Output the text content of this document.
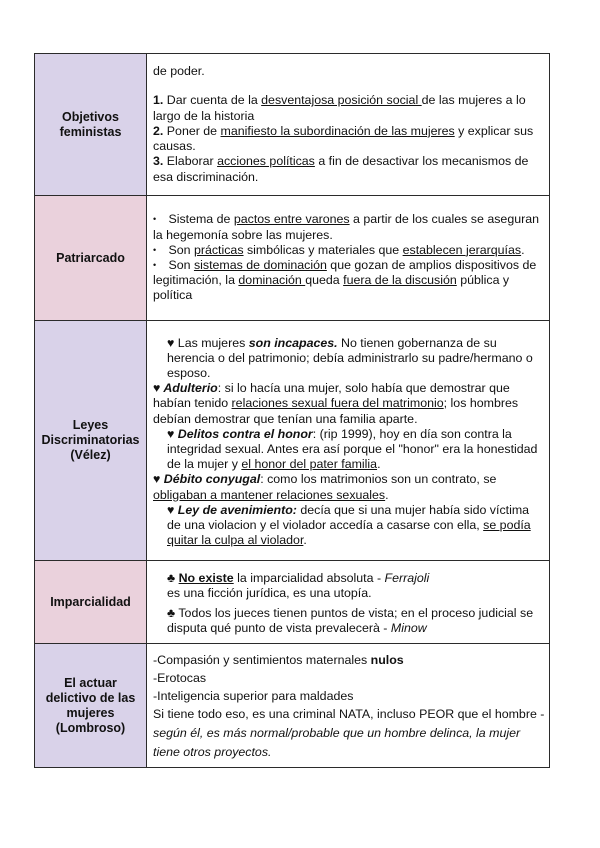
Objetivos feministas	de poder.

1. Dar cuenta de la desventajosa posición social de las mujeres a lo largo de la historia

2. Poner de manifiesto la subordinación de las mujeres y explicar sus causas.

3. Elaborar acciones políticas a fin de desactivar los mecanismos de esa discriminación.

Patriarcado	• Sistema de pactos entre varones a partir de los cuales se aseguran la hegemonía sobre las mujeres.

• Son prácticas simbólicas y materiales que establecen jerarquías.

• Son sistemas de dominación que gozan de amplios dispositivos de legitimación, la dominación queda fuera de la discusión pública y política

Leyes Discriminatorias (Vélez)	♥ Las mujeres son incapaces. No tienen gobernanza de su herencia o del patrimonio; debía administrarlo su padre/hermano o esposo.

♥ Adulterio: si lo hacía una mujer, solo había que demostrar que habían tenido relaciones sexual fuera del matrimonio; los hombres debían demostrar que tenían una familia aparte.

♥ Delitos contra el honor: (rip 1999), hoy en día son contra la integridad sexual. Antes era así porque el "honor" era la honestidad de la mujer y el honor del pater familia.

♥ Débito conyugal: como los matrimonios son un contrato, se obligaban a mantener relaciones sexuales.

♥ Ley de avenimiento: decía que si una mujer había sido víctima de una violacion y el violador accedía a casarse con ella, se podía quitar la culpa al violador.

Imparcialidad	♣ No existe la imparcialidad absoluta - Ferrajoli

es una ficción jurídica, es una utopía.

♣ Todos los jueces tienen puntos de vista; en el proceso judicial se disputa qué punto de vista prevalecerà - Minow

El actuar delictivo de las mujeres (Lombroso)	-Compasión y sentimientos maternales nulos

-Erotocas

-Inteligencia superior para maldades

Si tiene todo eso, es una criminal NATA, incluso PEOR que el hombre - según él, es más normal/probable que un hombre delinca, la mujer tiene otros proyectos.
